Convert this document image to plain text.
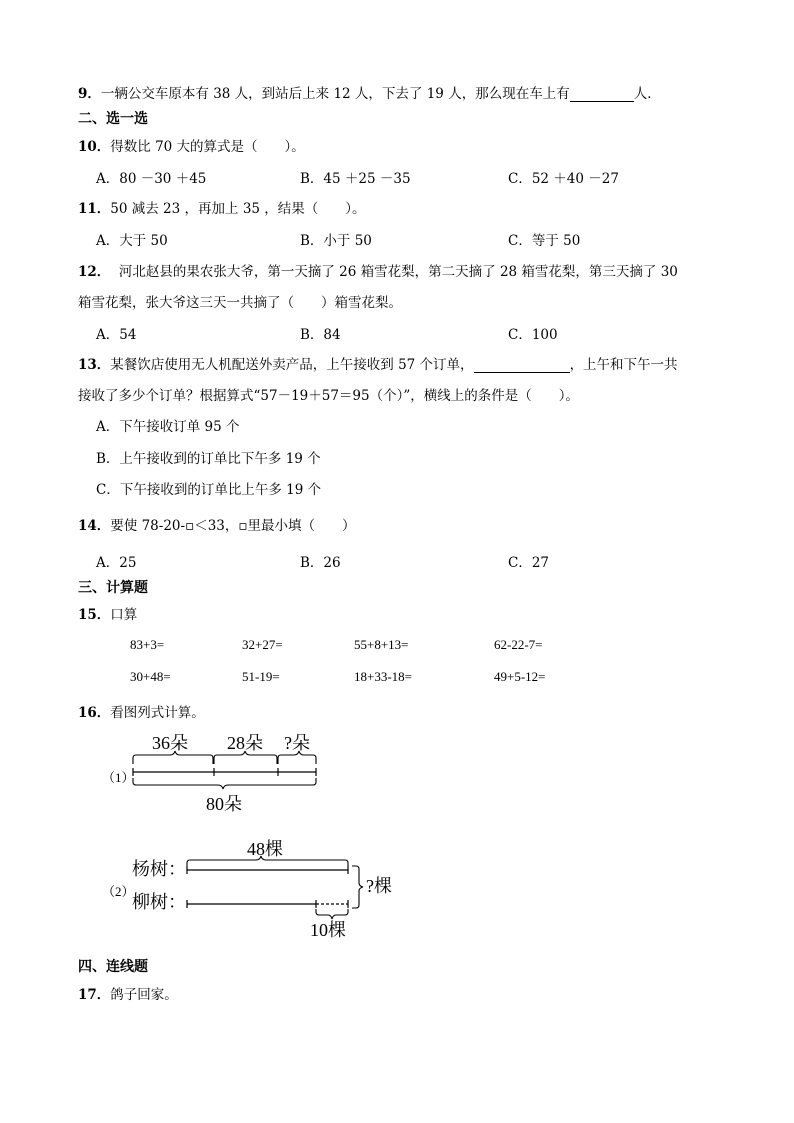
9．一辆公交车原本有 38 人，到站后上来 12 人，下去了 19 人，那么现在车上有	人．
二、选一选
10．得数比 70 大的算式是（　　）。
A．80 －30 ＋45	B．45 ＋25 －35	C．52 ＋40 －27
11．50 减去 23 ，再加上 35 ，结果（　　）。
A．大于 50	B．小于 50	C．等于 50
12． 河北赵县的果农张大爷，第一天摘了 26 箱雪花梨，第二天摘了 28 箱雪花梨，第三天摘了 30
箱雪花梨，张大爷这三天一共摘了（　　）箱雪花梨。
A．54	B．84	C．100
13．某餐饮店使用无人机配送外卖产品，上午接收到 57 个订单，	，上午和下午一共
接收了多少个订单？根据算式“57－19＋57＝95（个）”，横线上的条件是（　　）。
A．下午接收订单 95 个
B．上午接收到的订单比下午多 19 个
C．下午接收到的订单比上午多 19 个
14．要使 78-20-▫＜33，▫里最小填（　　）
A．25	B．26	C．27
三、计算题
15．口算
83+3=	32+27=	55+8+13=	62-22-7=
30+48=	51-19=	18+33-18=	49+5-12=
16．看图列式计算。
（1）
36朵 28朵 ?朵
80朵
（2）
杨树：
柳树：
48棵
?棵
10棵
四、连线题
17．鸽子回家。
